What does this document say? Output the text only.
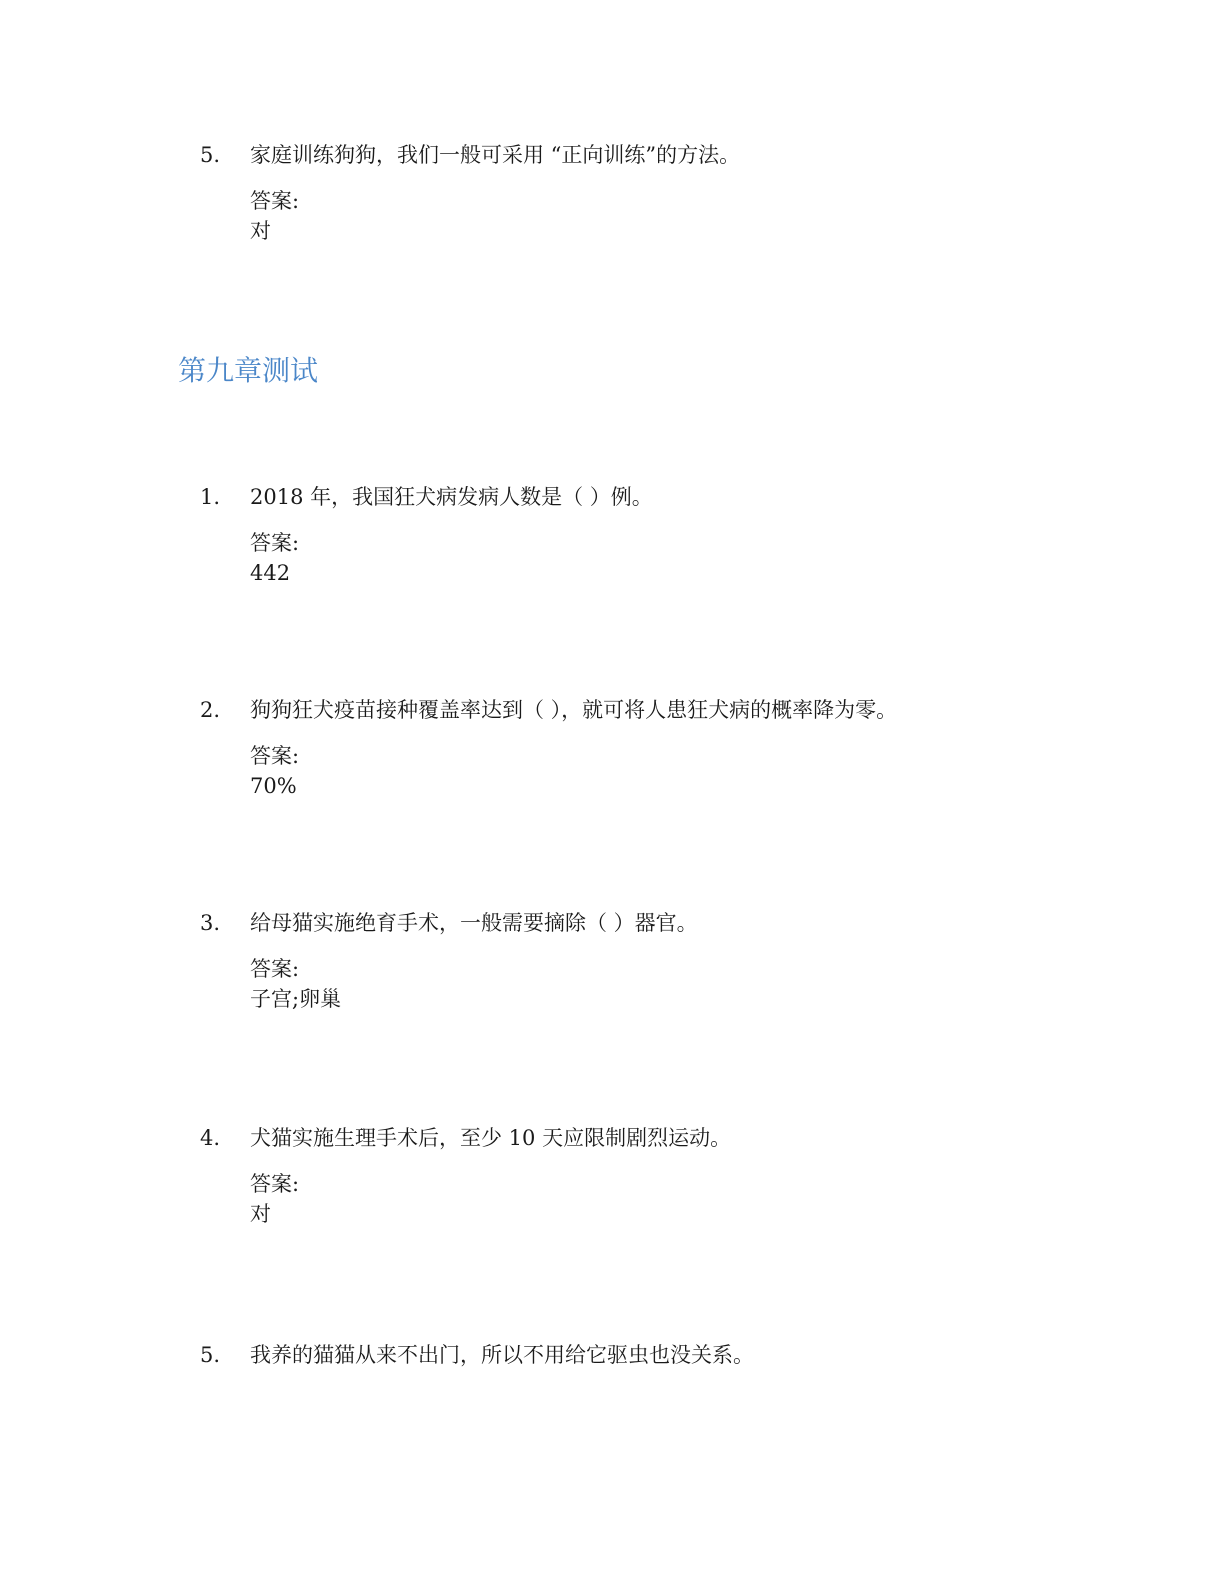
5. 家庭训练狗狗，我们一般可采用 “正向训练”的方法。
答案:
对
第九章测试
1. 2018 年，我国狂犬病发病人数是（ ）例。
答案:
442
2. 狗狗狂犬疫苗接种覆盖率达到（ ），就可将人患狂犬病的概率降为零。
答案:
70%
3. 给母猫实施绝育手术，一般需要摘除（ ）器官。
答案:
子宫;卵巢
4. 犬猫实施生理手术后，至少 10 天应限制剧烈运动。
答案:
对
5. 我养的猫猫从来不出门，所以不用给它驱虫也没关系。
